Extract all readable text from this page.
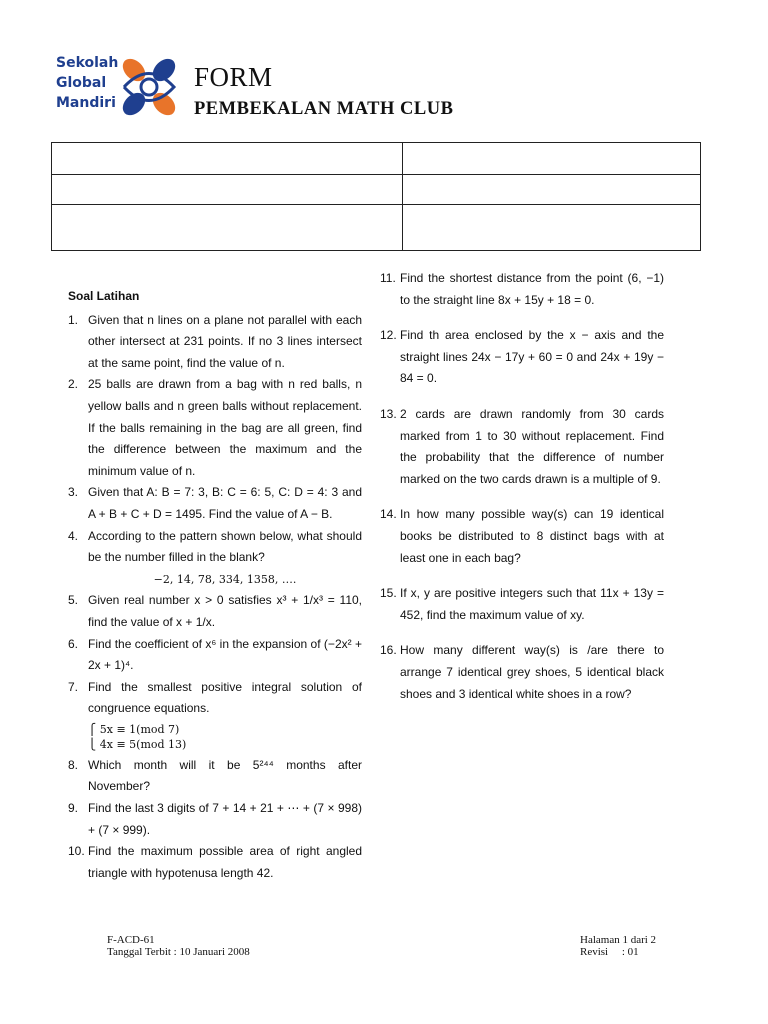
Sekolah
Global
Mandiri
FORM
PEMBEKALAN MATH CLUB

Soal Latihan
1. Given that n lines on a plane not parallel with each other intersect at 231 points. If no 3 lines intersect at the same point, find the value of n.
2. 25 balls are drawn from a bag with n red balls, n yellow balls and n green balls without replacement. If the balls remaining in the bag are all green, find the difference between the maximum and the minimum value of n.
3. Given that A: B = 7: 3, B: C = 6: 5, C: D = 4: 3 and A + B + C + D = 1495. Find the value of A − B.
4. According to the pattern shown below, what should be the number filled in the blank?
−2, 14, 78, 334, 1358, ….
5. Given real number x > 0 satisfies x³ + 1/x³ = 110, find the value of x + 1/x.
6. Find the coefficient of x⁶ in the expansion of (−2x² + 2x + 1)⁴.
7. Find the smallest positive integral solution of congruence equations.
⎧ 5x ≡ 1(mod 7)
⎩ 4x ≡ 5(mod 13)
8. Which month will it be 5²⁴⁴ months after November?
9. Find the last 3 digits of 7 + 14 + 21 + ⋯ + (7 × 998) + (7 × 999).
10. Find the maximum possible area of right angled triangle with hypotenusa length 42.
11. Find the shortest distance from the point (6, −1) to the straight line 8x + 15y + 18 = 0.
12. Find th area enclosed by the x − axis and the straight lines 24x − 17y + 60 = 0 and 24x + 19y − 84 = 0.
13. 2 cards are drawn randomly from 30 cards marked from 1 to 30 without replacement. Find the probability that the difference of number marked on the two cards drawn is a multiple of 9.
14. In how many possible way(s) can 19 identical books be distributed to 8 distinct bags with at least one in each bag?
15. If x, y are positive integers such that 11x + 13y = 452, find the maximum value of xy.
16. How many different way(s) is /are there to arrange 7 identical grey shoes, 5 identical black shoes and 3 identical white shoes in a row?
F-ACD-61
Tanggal Terbit : 10 Januari 2008
Halaman 1 dari 2
Revisi     : 01
